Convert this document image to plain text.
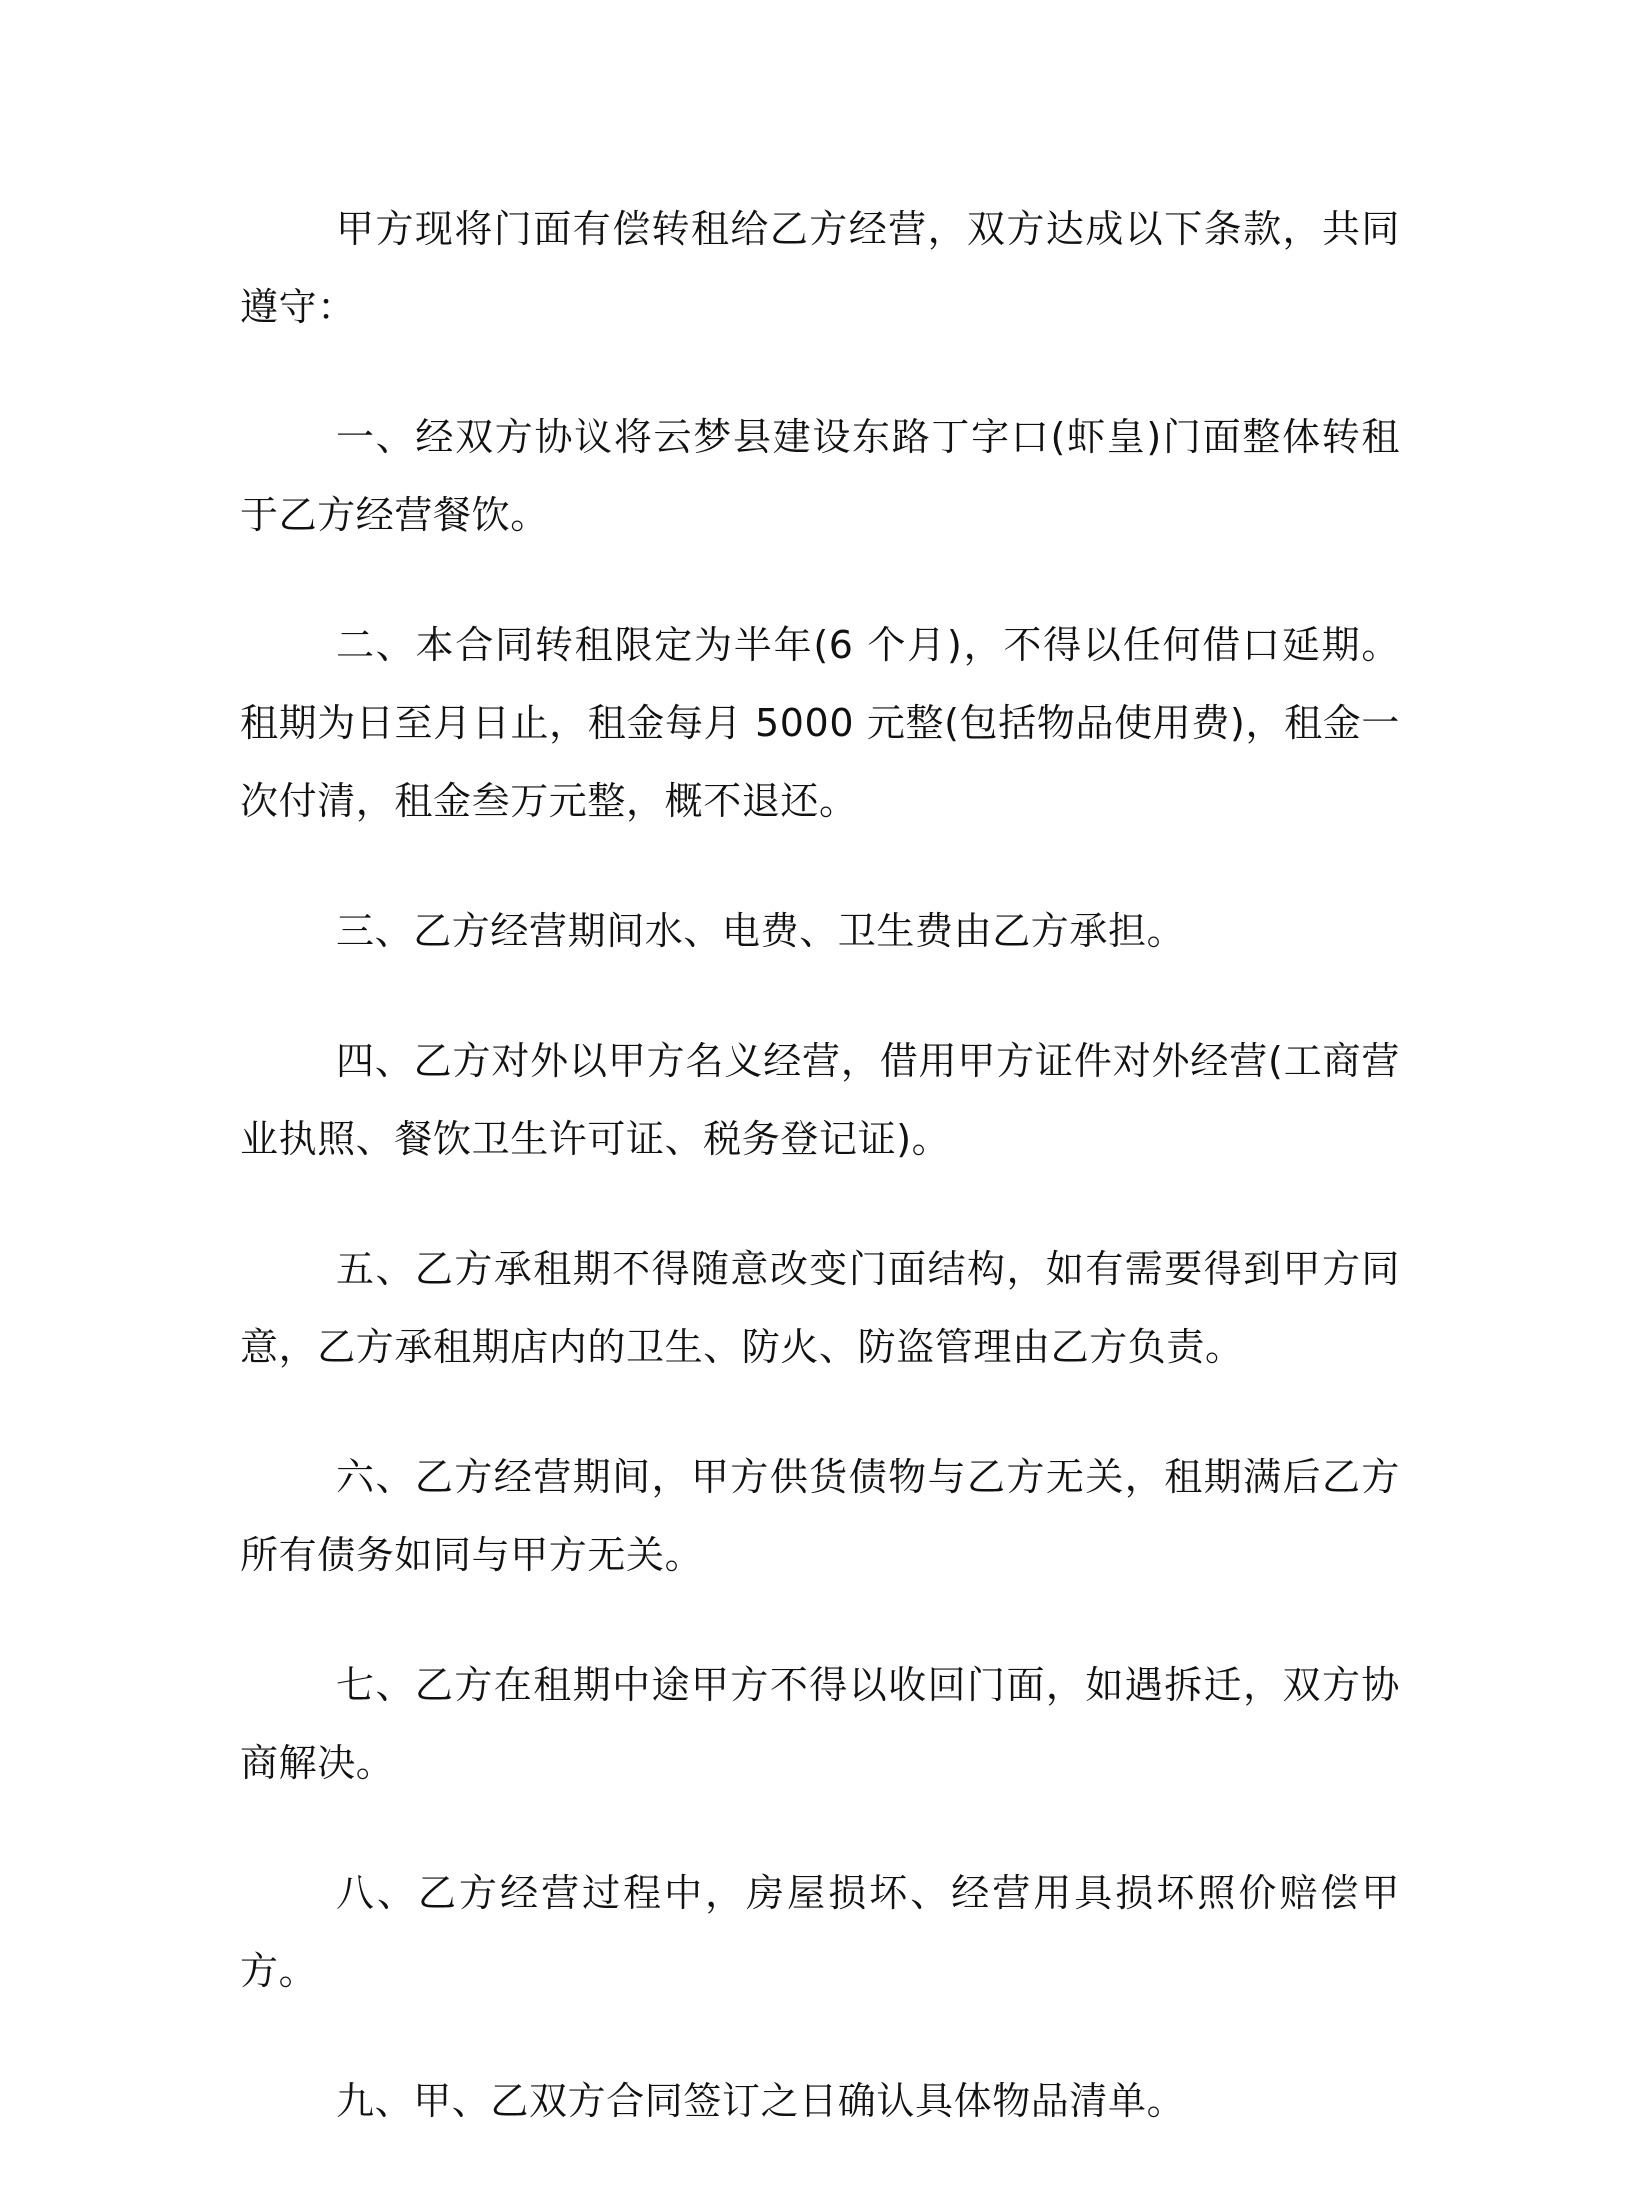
甲方现将门面有偿转租给乙方经营，双方达成以下条款，共同遵守：

一、经双方协议将云梦县建设东路丁字口(虾皇)门面整体转租于乙方经营餐饮。

二、本合同转租限定为半年(6 个月)，不得以任何借口延期。租期为日至月日止，租金每月 5000 元整(包括物品使用费)，租金一次付清，租金叁万元整，概不退还。

三、乙方经营期间水、电费、卫生费由乙方承担。

四、乙方对外以甲方名义经营，借用甲方证件对外经营(工商营业执照、餐饮卫生许可证、税务登记证)。

五、乙方承租期不得随意改变门面结构，如有需要得到甲方同意，乙方承租期店内的卫生、防火、防盗管理由乙方负责。

六、乙方经营期间，甲方供货债物与乙方无关，租期满后乙方所有债务如同与甲方无关。

七、乙方在租期中途甲方不得以收回门面，如遇拆迁，双方协商解决。

八、乙方经营过程中，房屋损坏、经营用具损坏照价赔偿甲方。

九、甲、乙双方合同签订之日确认具体物品清单。
